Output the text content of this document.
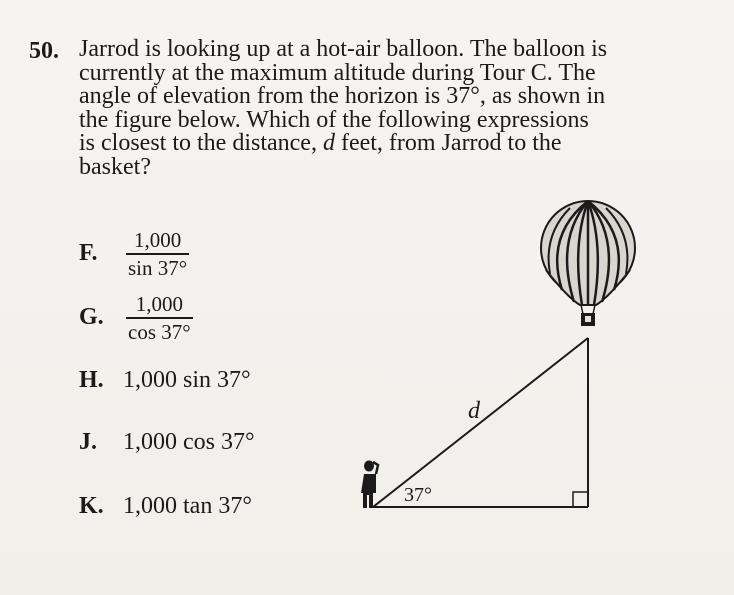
50. Jarrod is looking up at a hot-air balloon. The balloon is
currently at the maximum altitude during Tour C. The
angle of elevation from the horizon is 37°, as shown in
the figure below. Which of the following expressions
is closest to the distance, d feet, from Jarrod to the
basket?

F.	1,000
sin 37°
G.	1,000
cos 37°
H. 1,000 sin 37°
J. 1,000 cos 37°
K. 1,000 tan 37°	37°
d
